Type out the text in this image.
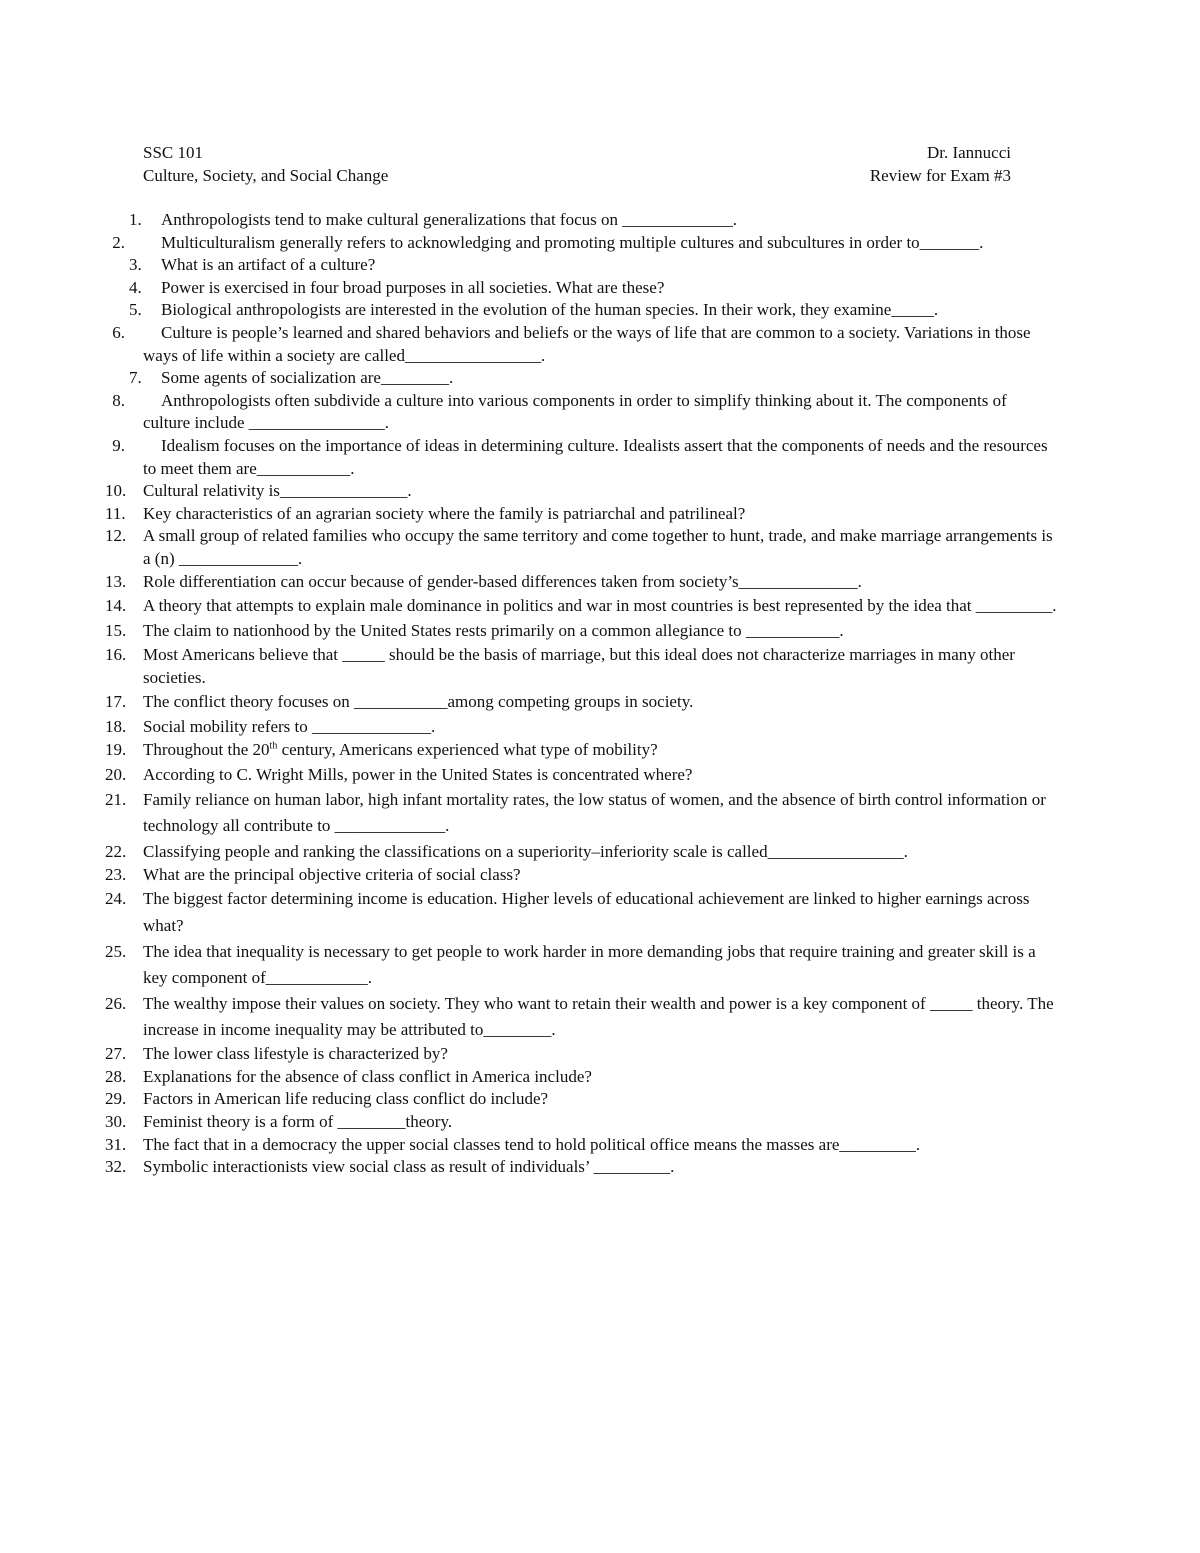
SSC 101	Dr. Iannucci
Culture, Society, and Social Change	Review for Exam #3
1. Anthropologists tend to make cultural generalizations that focus on _____________.
2. Multiculturalism generally refers to acknowledging and promoting multiple cultures and subcultures in order to_______.
3. What is an artifact of a culture?
4. Power is exercised in four broad purposes in all societies. What are these?
5. Biological anthropologists are interested in the evolution of the human species. In their work, they examine_____.
6. Culture is people’s learned and shared behaviors and beliefs or the ways of life that are common to a society. Variations in those ways of life within a society are called________________.
7. Some agents of socialization are________.
8. Anthropologists often subdivide a culture into various components in order to simplify thinking about it. The components of culture include ________________.
9. Idealism focuses on the importance of ideas in determining culture. Idealists assert that the components of needs and the resources to meet them are___________.
10. Cultural relativity is_______________.
11. Key characteristics of an agrarian society where the family is patriarchal and patrilineal?
12. A small group of related families who occupy the same territory and come together to hunt, trade, and make marriage arrangements is a (n) ______________.
13. Role differentiation can occur because of gender-based differences taken from society’s______________.
14. A theory that attempts to explain male dominance in politics and war in most countries is best represented by the idea that _________.
15. The claim to nationhood by the United States rests primarily on a common allegiance to ___________.
16. Most Americans believe that _____ should be the basis of marriage, but this ideal does not characterize marriages in many other societies.
17. The conflict theory focuses on ___________among competing groups in society.
18. Social mobility refers to ______________.
19. Throughout the 20th century, Americans experienced what type of mobility?
20. According to C. Wright Mills, power in the United States is concentrated where?
21. Family reliance on human labor, high infant mortality rates, the low status of women, and the absence of birth control information or technology all contribute to _____________.
22. Classifying people and ranking the classifications on a superiority–inferiority scale is called________________.
23. What are the principal objective criteria of social class?
24. The biggest factor determining income is education. Higher levels of educational achievement are linked to higher earnings across what?
25. The idea that inequality is necessary to get people to work harder in more demanding jobs that require training and greater skill is a key component of____________.
26. The wealthy impose their values on society. They who want to retain their wealth and power is a key component of _____ theory. The increase in income inequality may be attributed to________.
27. The lower class lifestyle is characterized by?
28. Explanations for the absence of class conflict in America include?
29. Factors in American life reducing class conflict do include?
30. Feminist theory is a form of ________theory.
31. The fact that in a democracy the upper social classes tend to hold political office means the masses are_________.
32. Symbolic interactionists view social class as result of individuals’ _________.
